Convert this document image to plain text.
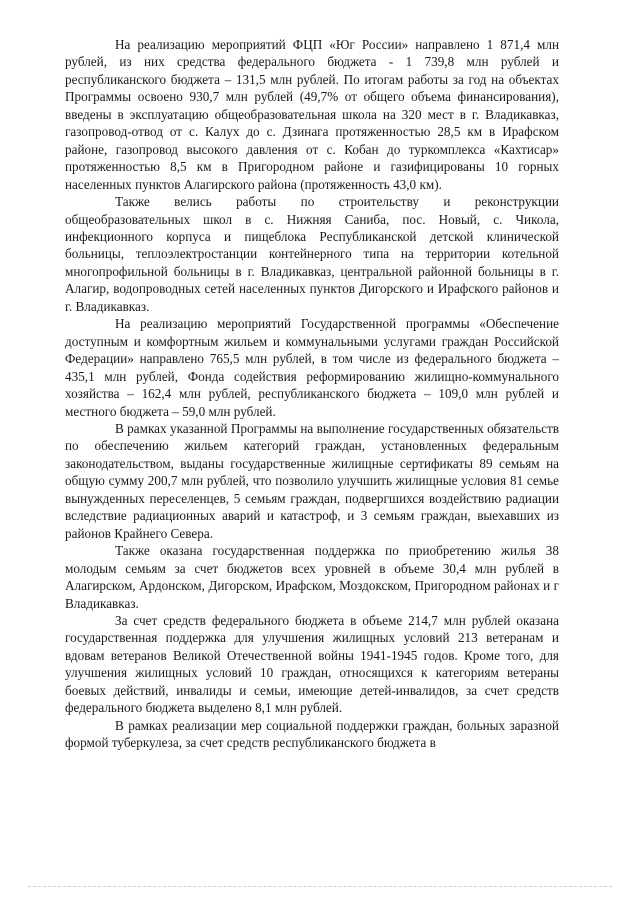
На реализацию мероприятий ФЦП «Юг России» направлено 1 871,4 млн рублей, из них средства федерального бюджета - 1 739,8 млн рублей и республиканского бюджета – 131,5 млн рублей. По итогам работы за год на объектах Программы освоено 930,7 млн рублей (49,7% от общего объема финансирования), введены в эксплуатацию общеобразовательная школа на 320 мест в г. Владикавказ, газопровод-отвод от с. Калух до с. Дзинага протяженностью 28,5 км в Ирафском районе, газопровод высокого давления от с. Кобан до туркомплекса «Кахтисар» протяженностью 8,5 км в Пригородном районе и газифицированы 10 горных населенных пунктов Алагирского района (протяженность 43,0 км).

Также велись работы по строительству и реконструкции общеобразовательных школ в с. Нижняя Саниба, пос. Новый, с. Чикола, инфекционного корпуса и пищеблока Республиканской детской клинической больницы, теплоэлектростанции контейнерного типа на территории котельной многопрофильной больницы в г. Владикавказ, центральной районной больницы в г. Алагир, водопроводных сетей населенных пунктов Дигорского и Ирафского районов и г. Владикавказ.

На реализацию мероприятий Государственной программы «Обеспечение доступным и комфортным жильем и коммунальными услугами граждан Российской Федерации» направлено 765,5 млн рублей, в том числе из федерального бюджета – 435,1 млн рублей, Фонда содействия реформированию жилищно-коммунального хозяйства – 162,4 млн рублей, республиканского бюджета – 109,0 млн рублей и местного бюджета – 59,0 млн рублей.

В рамках указанной Программы на выполнение государственных обязательств по обеспечению жильем категорий граждан, установленных федеральным законодательством, выданы государственные жилищные сертификаты 89 семьям на общую сумму 200,7 млн рублей, что позволило улучшить жилищные условия 81 семье вынужденных переселенцев, 5 семьям граждан, подвергшихся воздействию радиации вследствие радиационных аварий и катастроф, и 3 семьям граждан, выехавших из районов Крайнего Севера.

Также оказана государственная поддержка по приобретению жилья 38 молодым семьям за счет бюджетов всех уровней в объеме 30,4 млн рублей в Алагирском, Ардонском, Дигорском, Ирафском, Моздокском, Пригородном районах и г Владикавказ.

За счет средств федерального бюджета в объеме 214,7 млн рублей оказана государственная поддержка для улучшения жилищных условий 213 ветеранам и вдовам ветеранов Великой Отечественной войны 1941-1945 годов. Кроме того, для улучшения жилищных условий 10 граждан, относящихся к категориям ветераны боевых действий, инвалиды и семьи, имеющие детей-инвалидов, за счет средств федерального бюджета выделено 8,1 млн рублей.

В рамках реализации мер социальной поддержки граждан, больных заразной формой туберкулеза, за счет средств республиканского бюджета в
